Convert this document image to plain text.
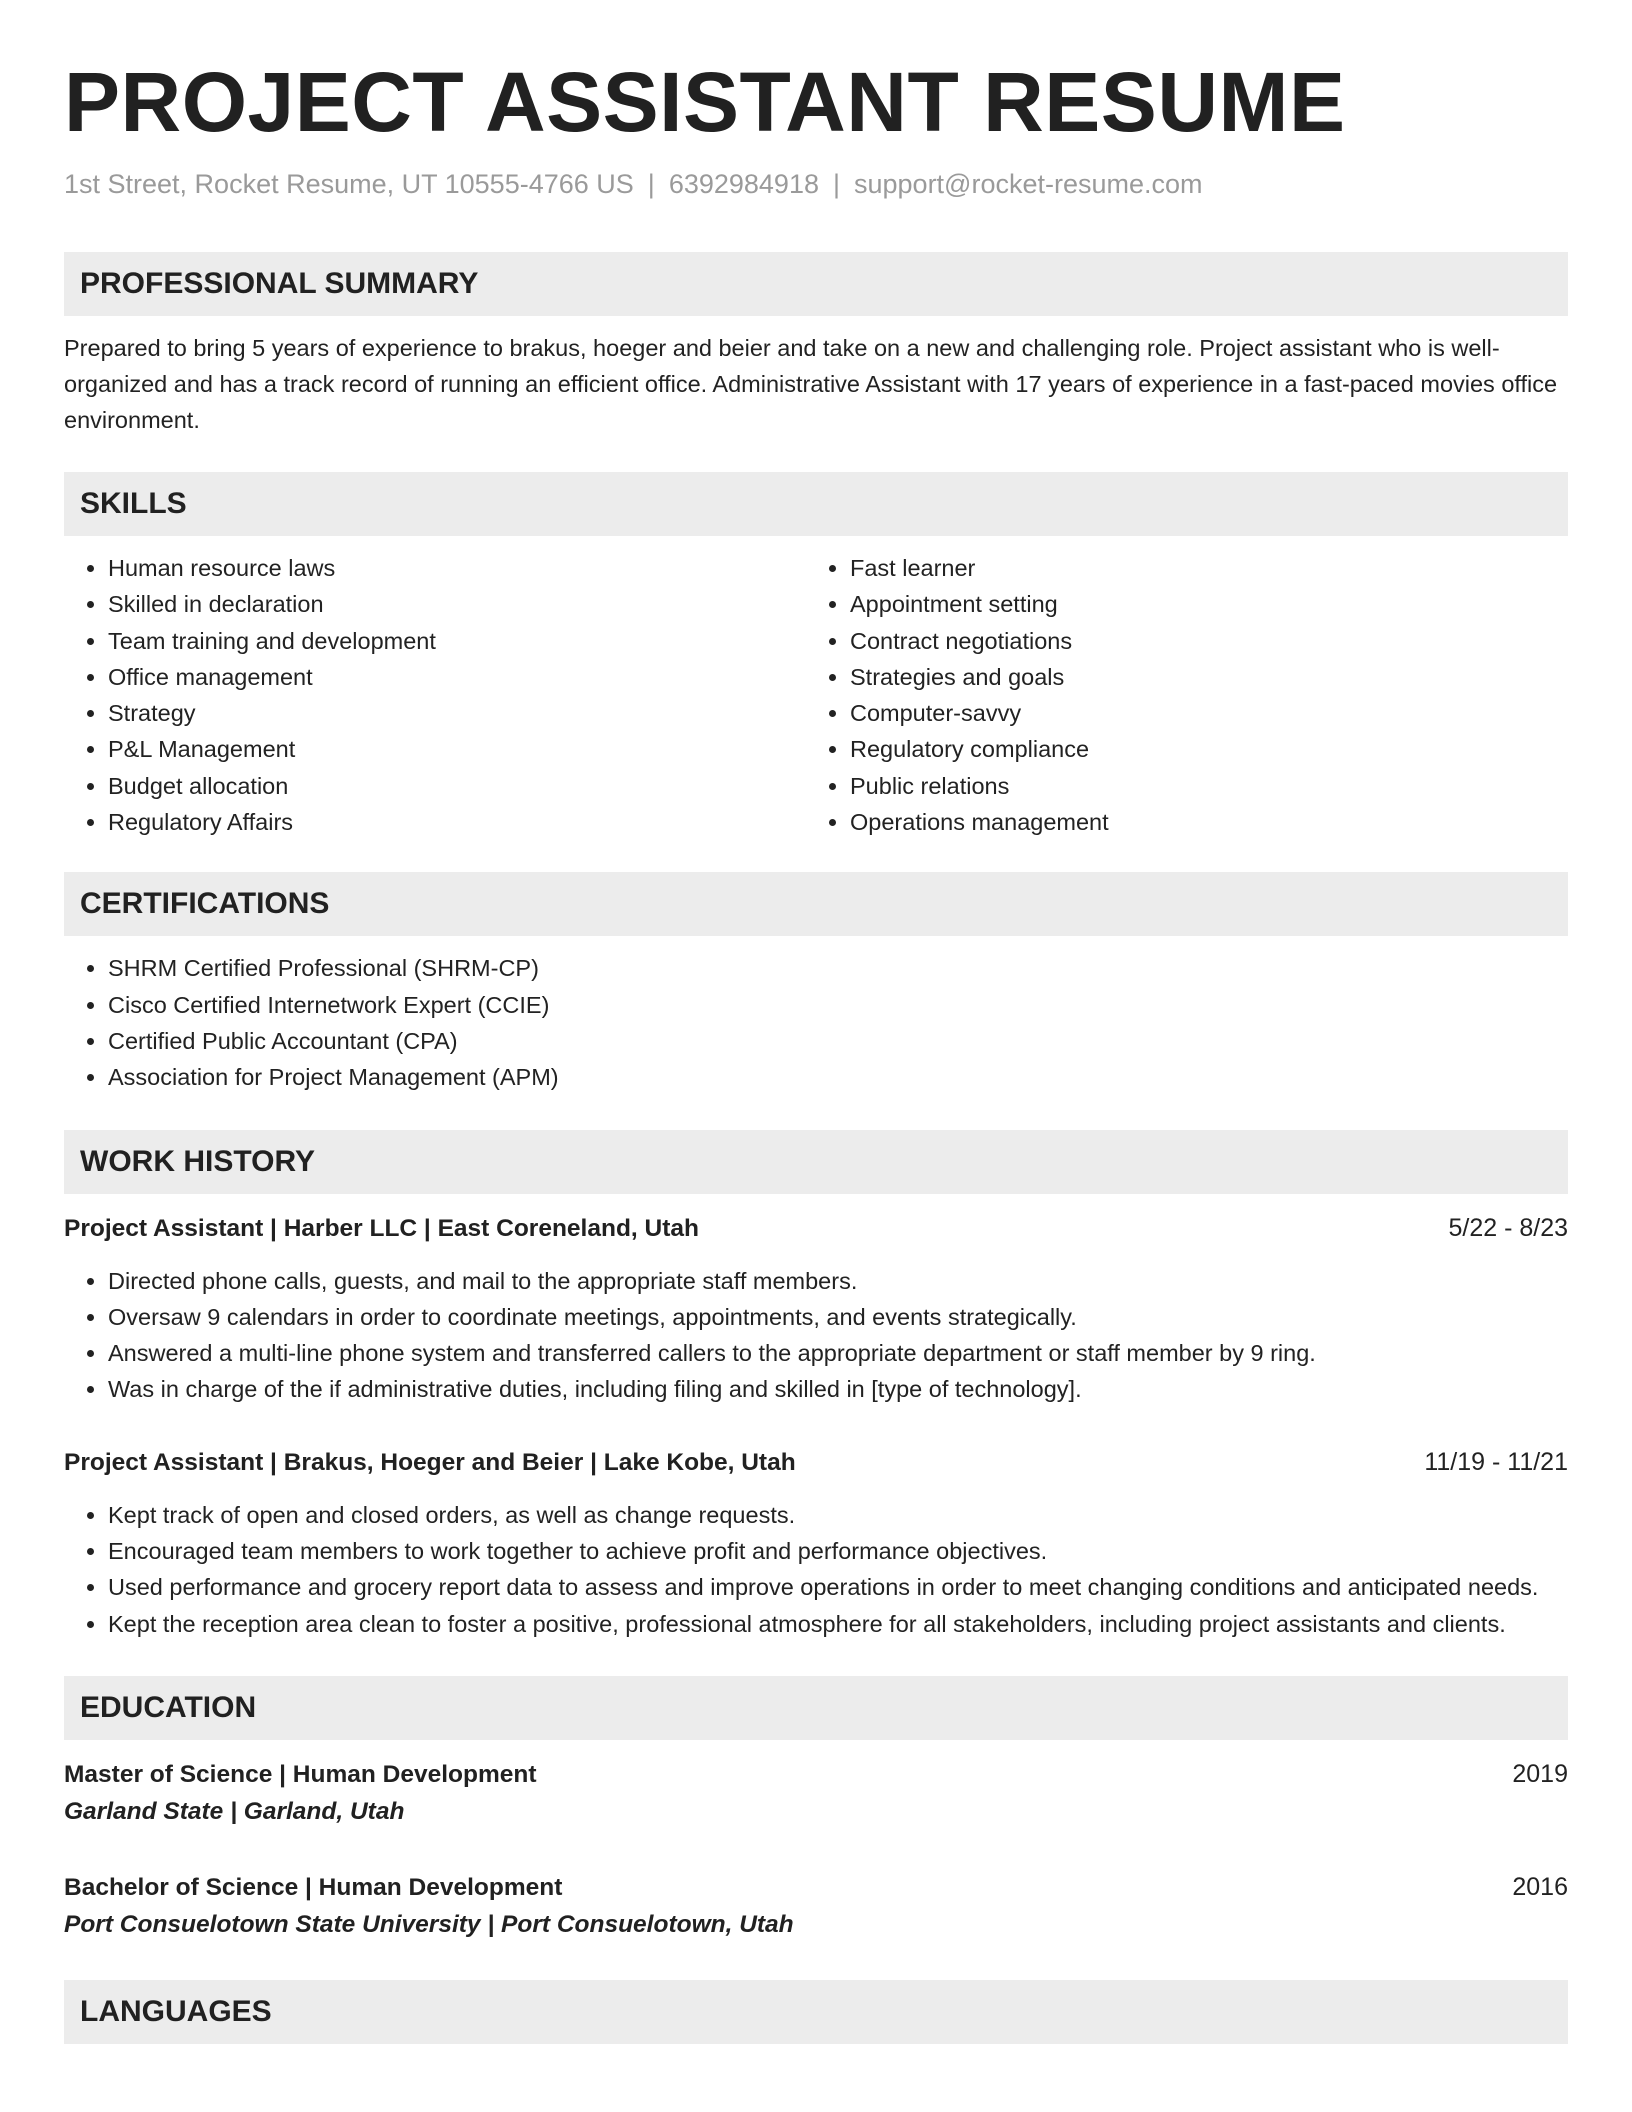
PROJECT ASSISTANT RESUME
1st Street, Rocket Resume, UT 10555-4766 US | 6392984918 | support@rocket-resume.com
PROFESSIONAL SUMMARY
Prepared to bring 5 years of experience to brakus, hoeger and beier and take on a new and challenging role. Project assistant who is well-organized and has a track record of running an efficient office. Administrative Assistant with 17 years of experience in a fast-paced movies office environment.
SKILLS
• Human resource laws
• Skilled in declaration
• Team training and development
• Office management
• Strategy
• P&L Management
• Budget allocation
• Regulatory Affairs
• Fast learner
• Appointment setting
• Contract negotiations
• Strategies and goals
• Computer-savvy
• Regulatory compliance
• Public relations
• Operations management
CERTIFICATIONS
• SHRM Certified Professional (SHRM-CP)
• Cisco Certified Internetwork Expert (CCIE)
• Certified Public Accountant (CPA)
• Association for Project Management (APM)
WORK HISTORY
Project Assistant | Harber LLC | East Coreneland, Utah	5/22 - 8/23
• Directed phone calls, guests, and mail to the appropriate staff members.
• Oversaw 9 calendars in order to coordinate meetings, appointments, and events strategically.
• Answered a multi-line phone system and transferred callers to the appropriate department or staff member by 9 ring.
• Was in charge of the if administrative duties, including filing and skilled in [type of technology].
Project Assistant | Brakus, Hoeger and Beier | Lake Kobe, Utah	11/19 - 11/21
• Kept track of open and closed orders, as well as change requests.
• Encouraged team members to work together to achieve profit and performance objectives.
• Used performance and grocery report data to assess and improve operations in order to meet changing conditions and anticipated needs.
• Kept the reception area clean to foster a positive, professional atmosphere for all stakeholders, including project assistants and clients.
EDUCATION
Master of Science | Human Development	2019
Garland State | Garland, Utah
Bachelor of Science | Human Development	2016
Port Consuelotown State University | Port Consuelotown, Utah
LANGUAGES
